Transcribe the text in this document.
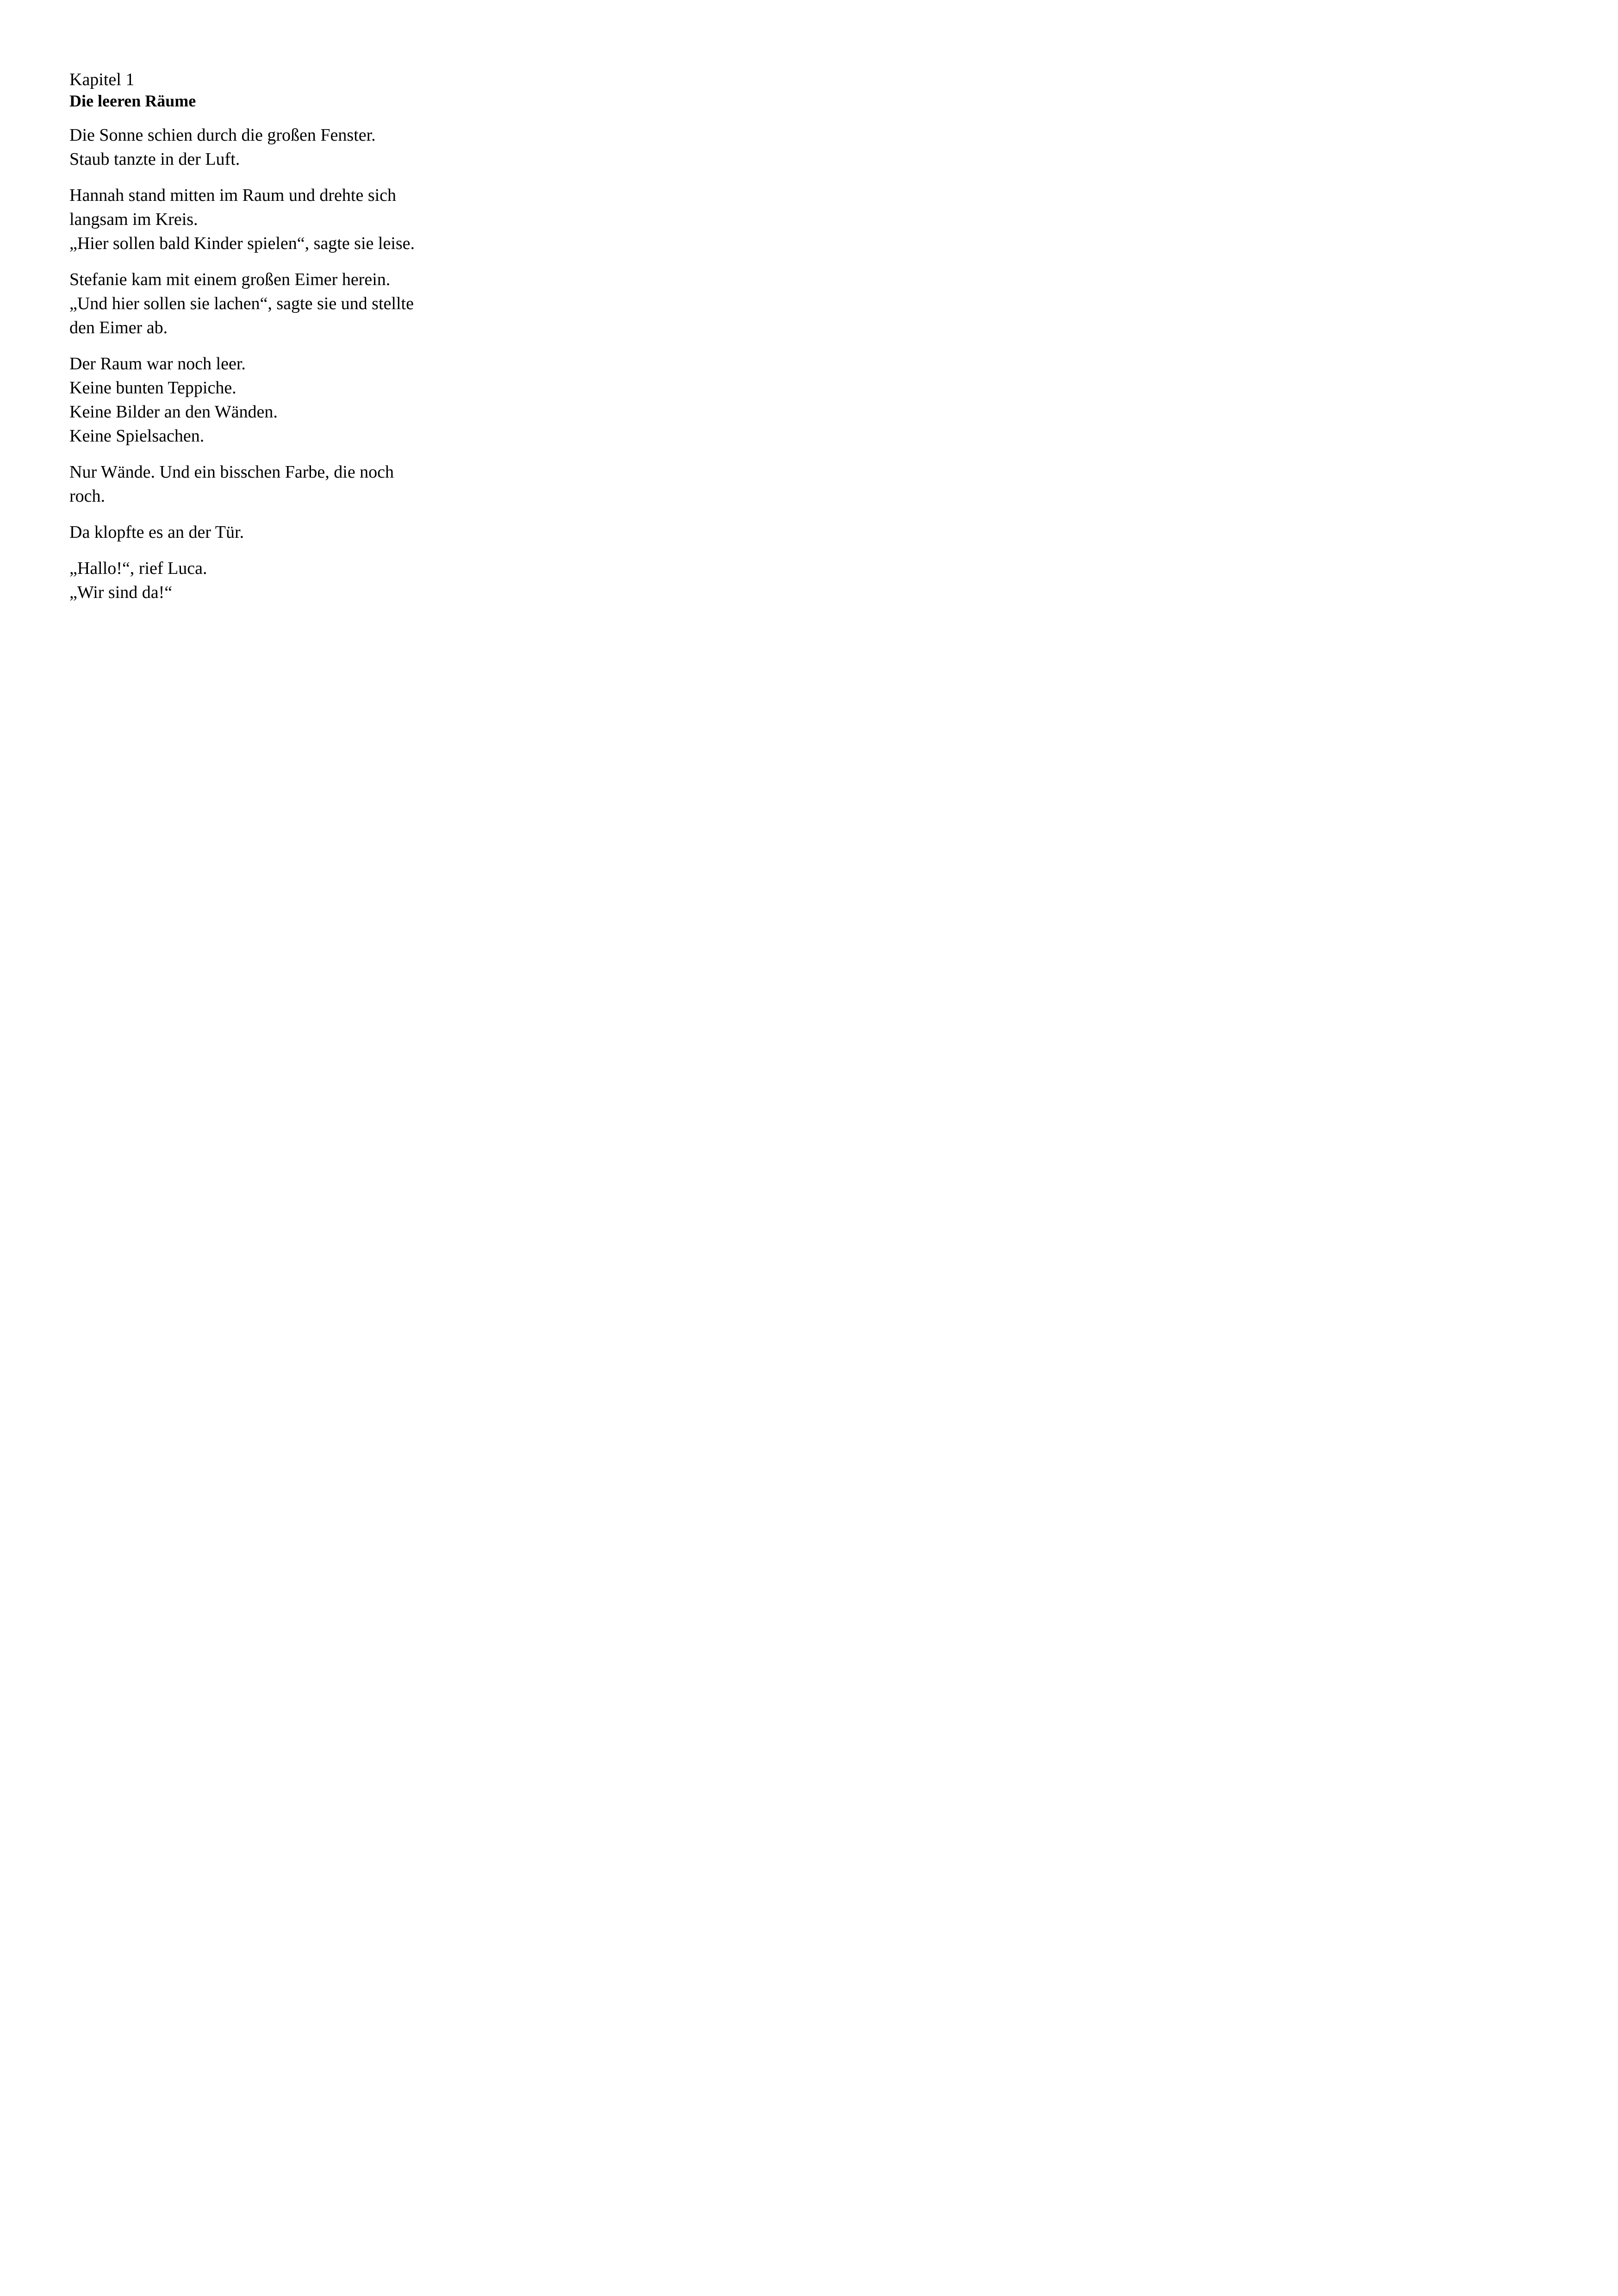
Kapitel 1
Die leeren Räume

Die Sonne schien durch die großen Fenster.
Staub tanzte in der Luft.

Hannah stand mitten im Raum und drehte sich
langsam im Kreis.
„Hier sollen bald Kinder spielen“, sagte sie leise.

Stefanie kam mit einem großen Eimer herein.
„Und hier sollen sie lachen“, sagte sie und stellte
den Eimer ab.

Der Raum war noch leer.
Keine bunten Teppiche.
Keine Bilder an den Wänden.
Keine Spielsachen.

Nur Wände. Und ein bisschen Farbe, die noch
roch.

Da klopfte es an der Tür.

„Hallo!“, rief Luca.
„Wir sind da!“
